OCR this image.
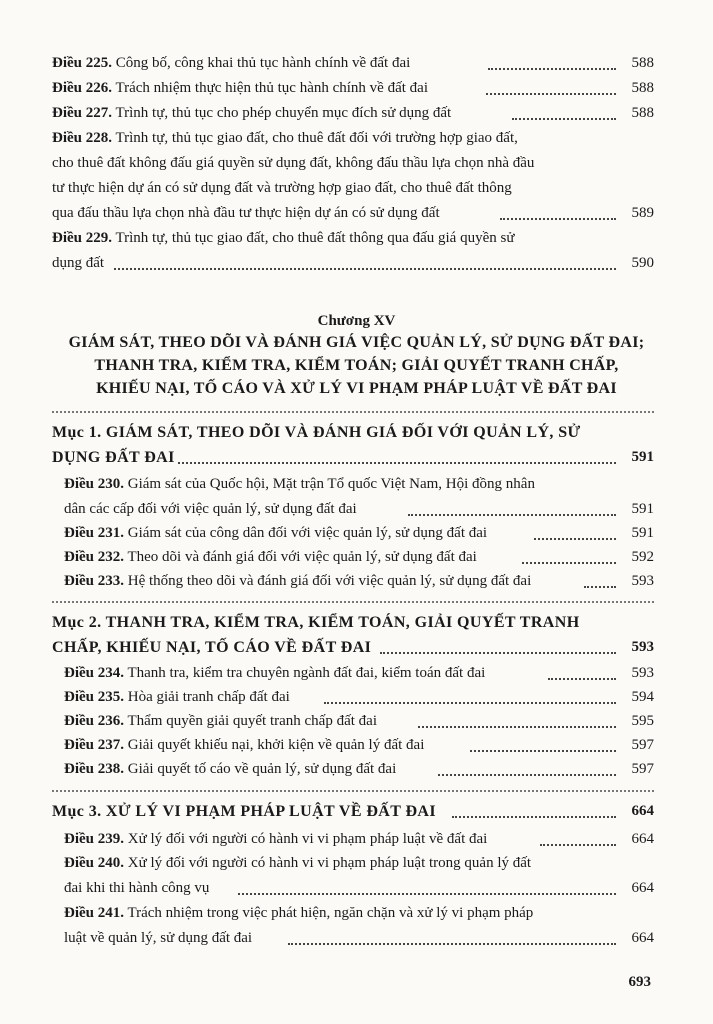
Điều 225. Công bố, công khai thủ tục hành chính về đất đai	588
Điều 226. Trách nhiệm thực hiện thủ tục hành chính về đất đai	588
Điều 227. Trình tự, thủ tục cho phép chuyển mục đích sử dụng đất	588
Điều 228. Trình tự, thủ tục giao đất, cho thuê đất đối với trường hợp giao đất,
cho thuê đất không đấu giá quyền sử dụng đất, không đấu thầu lựa chọn nhà đầu
tư thực hiện dự án có sử dụng đất và trường hợp giao đất, cho thuê đất thông
qua đấu thầu lựa chọn nhà đầu tư thực hiện dự án có sử dụng đất	589
Điều 229. Trình tự, thủ tục giao đất, cho thuê đất thông qua đấu giá quyền sử
dụng đất	590
Chương XV
GIÁM SÁT, THEO DÕI VÀ ĐÁNH GIÁ VIỆC QUẢN LÝ, SỬ DỤNG ĐẤT ĐAI;
THANH TRA, KIỂM TRA, KIỂM TOÁN; GIẢI QUYẾT TRANH CHẤP,
KHIẾU NẠI, TỐ CÁO VÀ XỬ LÝ VI PHẠM PHÁP LUẬT VỀ ĐẤT ĐAI
Mục 1. GIÁM SÁT, THEO DÕI VÀ ĐÁNH GIÁ ĐỐI VỚI QUẢN LÝ, SỬ
DỤNG ĐẤT ĐAI	591
Điều 230. Giám sát của Quốc hội, Mặt trận Tổ quốc Việt Nam, Hội đồng nhân
dân các cấp đối với việc quản lý, sử dụng đất đai	591
Điều 231. Giám sát của công dân đối với việc quản lý, sử dụng đất đai	591
Điều 232. Theo dõi và đánh giá đối với việc quản lý, sử dụng đất đai	592
Điều 233. Hệ thống theo dõi và đánh giá đối với việc quản lý, sử dụng đất đai	593
Mục 2. THANH TRA, KIỂM TRA, KIỂM TOÁN, GIẢI QUYẾT TRANH
CHẤP, KHIẾU NẠI, TỐ CÁO VỀ ĐẤT ĐAI	593
Điều 234. Thanh tra, kiểm tra chuyên ngành đất đai, kiểm toán đất đai	593
Điều 235. Hòa giải tranh chấp đất đai	594
Điều 236. Thẩm quyền giải quyết tranh chấp đất đai	595
Điều 237. Giải quyết khiếu nại, khởi kiện về quản lý đất đai	597
Điều 238. Giải quyết tố cáo về quản lý, sử dụng đất đai	597
Mục 3. XỬ LÝ VI PHẠM PHÁP LUẬT VỀ ĐẤT ĐAI	664
Điều 239. Xử lý đối với người có hành vi vi phạm pháp luật về đất đai	664
Điều 240. Xử lý đối với người có hành vi vi phạm pháp luật trong quản lý đất
đai khi thi hành công vụ	664
Điều 241. Trách nhiệm trong việc phát hiện, ngăn chặn và xử lý vi phạm pháp
luật về quản lý, sử dụng đất đai	664
693
